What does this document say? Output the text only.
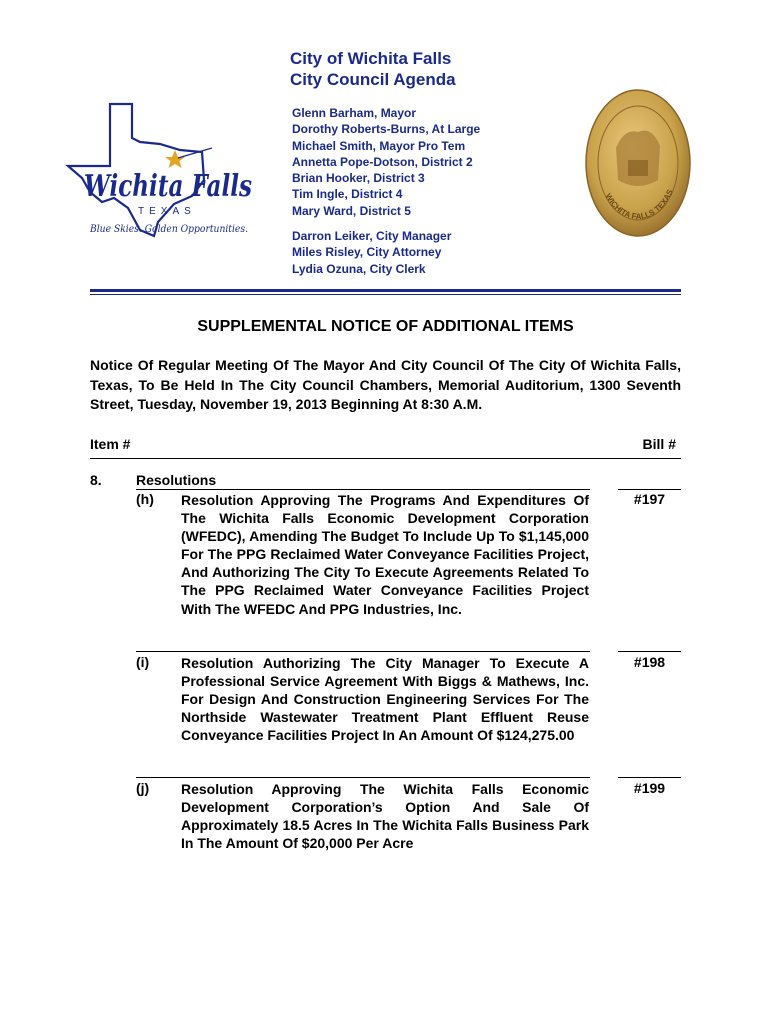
Wichita Falls
TEXAS
Blue Skies. Golden Opportunities.
City of Wichita Falls
City Council Agenda
Glenn Barham, Mayor
Dorothy Roberts-Burns, At Large
Michael Smith, Mayor Pro Tem
Annetta Pope-Dotson, District 2
Brian Hooker, District 3
Tim Ingle, District 4
Mary Ward, District 5
Darron Leiker, City Manager
Miles Risley, City Attorney
Lydia Ozuna, City Clerk
WICHITA FALLS TEXAS
SUPPLEMENTAL NOTICE OF ADDITIONAL ITEMS
Notice Of Regular Meeting Of The Mayor And City Council Of The City Of Wichita Falls, Texas, To Be Held In The City Council Chambers, Memorial Auditorium, 1300 Seventh Street, Tuesday, November 19, 2013 Beginning At 8:30 A.M.
Item #	Bill #
8. Resolutions
(h) Resolution Approving The Programs And Expenditures Of The Wichita Falls Economic Development Corporation (WFEDC), Amending The Budget To Include Up To $1,145,000 For The PPG Reclaimed Water Conveyance Facilities Project, And Authorizing The City To Execute Agreements Related To The PPG Reclaimed Water Conveyance Facilities Project With The WFEDC And PPG Industries, Inc.
#197
(i) Resolution Authorizing The City Manager To Execute A Professional Service Agreement With Biggs & Mathews, Inc. For Design And Construction Engineering Services For The Northside Wastewater Treatment Plant Effluent Reuse Conveyance Facilities Project In An Amount Of $124,275.00
#198
(j) Resolution Approving The Wichita Falls Economic Development Corporation’s Option And Sale Of Approximately 18.5 Acres In The Wichita Falls Business Park In The Amount Of $20,000 Per Acre
#199
